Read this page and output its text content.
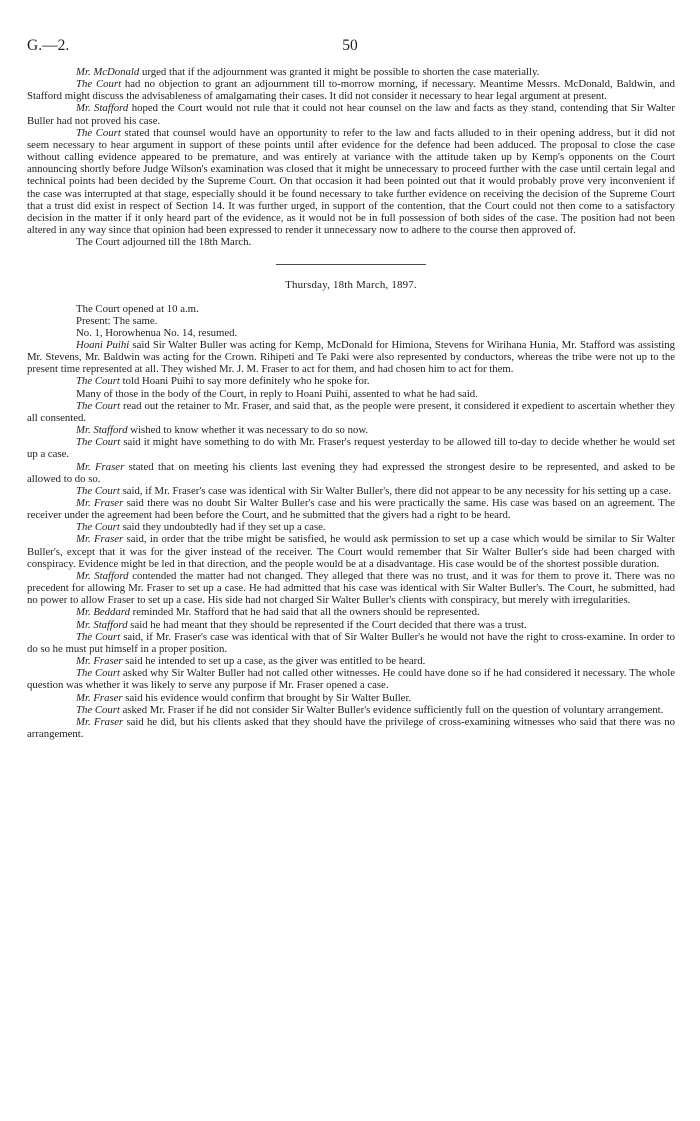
G.—2.	50

Mr. McDonald urged that if the adjournment was granted it might be possible to shorten the case materially.

The Court had no objection to grant an adjournment till to-morrow morning, if necessary. Meantime Messrs. McDonald, Baldwin, and Stafford might discuss the advisableness of amalgamating their cases. It did not consider it necessary to hear legal argument at present.

Mr. Stafford hoped the Court would not rule that it could not hear counsel on the law and facts as they stand, contending that Sir Walter Buller had not proved his case.

The Court stated that counsel would have an opportunity to refer to the law and facts alluded to in their opening address, but it did not seem necessary to hear argument in support of these points until after evidence for the defence had been adduced. The proposal to close the case without calling evidence appeared to be premature, and was entirely at variance with the attitude taken up by Kemp's opponents on the Court announcing shortly before Judge Wilson's examination was closed that it might be unnecessary to proceed further with the case until certain legal and technical points had been decided by the Supreme Court. On that occasion it had been pointed out that it would probably prove very inconvenient if the case was interrupted at that stage, especially should it be found necessary to take further evidence on receiving the decision of the Supreme Court that a trust did exist in respect of Section 14. It was further urged, in support of the contention, that the Court could not then come to a satisfactory decision in the matter if it only heard part of the evidence, as it would not be in full possession of both sides of the case. The position had not been altered in any way since that opinion had been expressed to render it unnecessary now to adhere to the course then approved of.

The Court adjourned till the 18th March.

Thursday, 18th March, 1897.

The Court opened at 10 a.m.

Present: The same.

No. 1, Horowhenua No. 14, resumed.

Hoani Puihi said Sir Walter Buller was acting for Kemp, McDonald for Himiona, Stevens for Wirihana Hunia, Mr. Stafford was assisting Mr. Stevens, Mr. Baldwin was acting for the Crown. Rihipeti and Te Paki were also represented by conductors, whereas the tribe were not up to the present time represented at all. They wished Mr. J. M. Fraser to act for them, and had chosen him to act for them.

The Court told Hoani Puihi to say more definitely who he spoke for.

Many of those in the body of the Court, in reply to Hoani Puihi, assented to what he had said.

The Court read out the retainer to Mr. Fraser, and said that, as the people were present, it considered it expedient to ascertain whether they all consented.

Mr. Stafford wished to know whether it was necessary to do so now.

The Court said it might have something to do with Mr. Fraser's request yesterday to be allowed till to-day to decide whether he would set up a case.

Mr. Fraser stated that on meeting his clients last evening they had expressed the strongest desire to be represented, and asked to be allowed to do so.

The Court said, if Mr. Fraser's case was identical with Sir Walter Buller's, there did not appear to be any necessity for his setting up a case.

Mr. Fraser said there was no doubt Sir Walter Buller's case and his were practically the same. His case was based on an agreement. The receiver under the agreement had been before the Court, and he submitted that the givers had a right to be heard.

The Court said they undoubtedly had if they set up a case.

Mr. Fraser said, in order that the tribe might be satisfied, he would ask permission to set up a case which would be similar to Sir Walter Buller's, except that it was for the giver instead of the receiver. The Court would remember that Sir Walter Buller's side had been charged with conspiracy. Evidence might be led in that direction, and the people would be at a disadvantage. His case would be of the shortest possible duration.

Mr. Stafford contended the matter had not changed. They alleged that there was no trust, and it was for them to prove it. There was no precedent for allowing Mr. Fraser to set up a case. He had admitted that his case was identical with Sir Walter Buller's. The Court, he submitted, had no power to allow Fraser to set up a case. His side had not charged Sir Walter Buller's clients with conspiracy, but merely with irregularities.

Mr. Beddard reminded Mr. Stafford that he had said that all the owners should be represented.

Mr. Stafford said he had meant that they should be represented if the Court decided that there was a trust.

The Court said, if Mr. Fraser's case was identical with that of Sir Walter Buller's he would not have the right to cross-examine. In order to do so he must put himself in a proper position.

Mr. Fraser said he intended to set up a case, as the giver was entitled to be heard.

The Court asked why Sir Walter Buller had not called other witnesses. He could have done so if he had considered it necessary. The whole question was whether it was likely to serve any purpose if Mr. Fraser opened a case.

Mr. Fraser said his evidence would confirm that brought by Sir Walter Buller.

The Court asked Mr. Fraser if he did not consider Sir Walter Buller's evidence sufficiently full on the question of voluntary arrangement.

Mr. Fraser said he did, but his clients asked that they should have the privilege of cross-examining witnesses who said that there was no arrangement.
